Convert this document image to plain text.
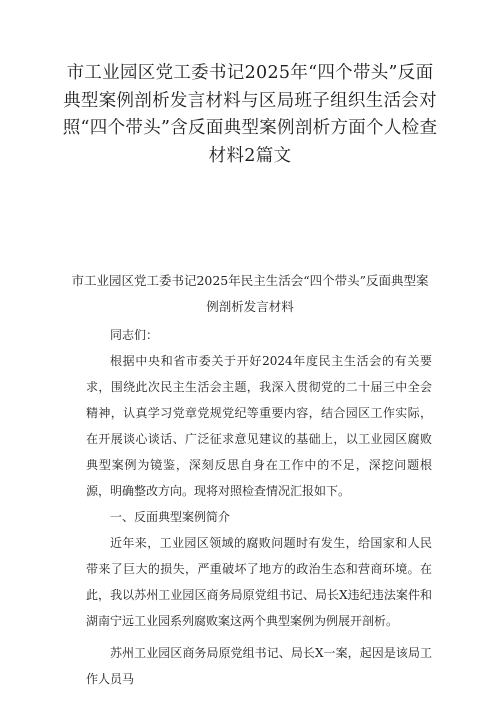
市工业园区党工委书记2025年“四个带头”反面典型案例剖析发言材料与区局班子组织生活会对照“四个带头”含反面典型案例剖析方面个人检查材料2篇文
市工业园区党工委书记2025年民主生活会“四个带头”反面典型案例剖析发言材料

同志们：

根据中央和省市委关于开好2024年度民主生活会的有关要求，围绕此次民主生活会主题，我深入贯彻党的二十届三中全会精神，认真学习党章党规党纪等重要内容，结合园区工作实际，在开展谈心谈话、广泛征求意见建议的基础上，以工业园区腐败典型案例为镜鉴，深刻反思自身在工作中的不足，深挖问题根源，明确整改方向。现将对照检查情况汇报如下。

一、反面典型案例简介

近年来，工业园区领域的腐败问题时有发生，给国家和人民带来了巨大的损失，严重破坏了地方的政治生态和营商环境。在此，我以苏州工业园区商务局原党组书记、局长X违纪违法案件和湖南宁远工业园系列腐败案这两个典型案例为例展开剖析。

苏州工业园区商务局原党组书记、局长X一案，起因是该局工作人员马
